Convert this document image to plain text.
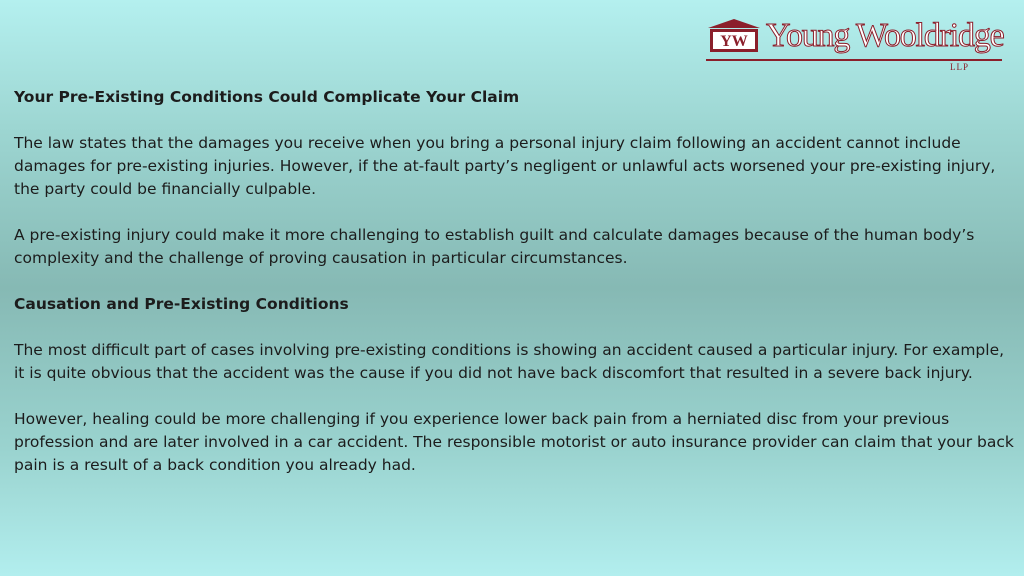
YW Young Wooldridge
LLP
Your Pre-Existing Conditions Could Complicate Your Claim

The law states that the damages you receive when you bring a personal injury claim following an accident cannot include damages for pre-existing injuries. However, if the at-fault party’s negligent or unlawful acts worsened your pre-existing injury, the party could be financially culpable.

A pre-existing injury could make it more challenging to establish guilt and calculate damages because of the human body’s complexity and the challenge of proving causation in particular circumstances.

Causation and Pre-Existing Conditions

The most difficult part of cases involving pre-existing conditions is showing an accident caused a particular injury. For example, it is quite obvious that the accident was the cause if you did not have back discomfort that resulted in a severe back injury.

However, healing could be more challenging if you experience lower back pain from a herniated disc from your previous profession and are later involved in a car accident. The responsible motorist or auto insurance provider can claim that your back pain is a result of a back condition you already had.
